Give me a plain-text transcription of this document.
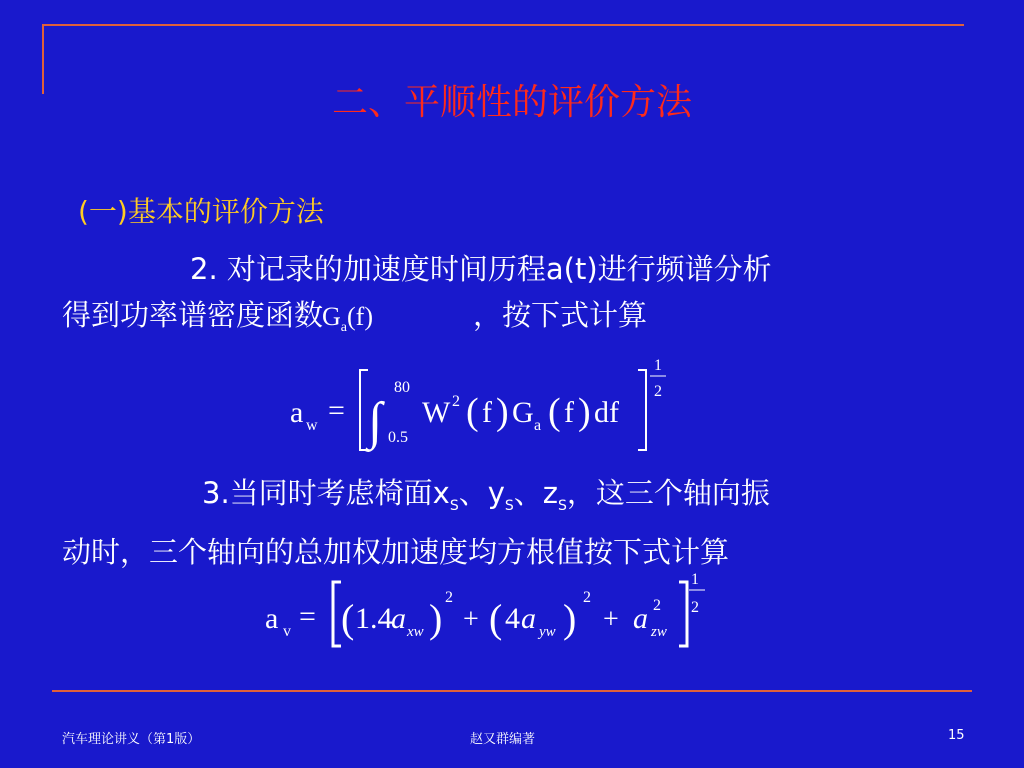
二、平顺性的评价方法
(一)基本的评价方法
2. 对记录的加速度时间历程a(t)进行频谱分析
得到功率谱密度函数	，按下式计算
$G_a(f)$
a w = ∫
80
0.5
W 2 ( f ) G a ( f ) df
1
2
3.当同时考虑椅面$x_S$、$y_S$、$z_S$，这三个轴向振
动时，三个轴向的总加权加速度均方根值按下式计算
a v = ( 1.4
a xw ) 2
+ ( 4 a yw ) 2
+ a zw
2
1
2
汽车理论讲义（第1版）	赵又群编著	15
